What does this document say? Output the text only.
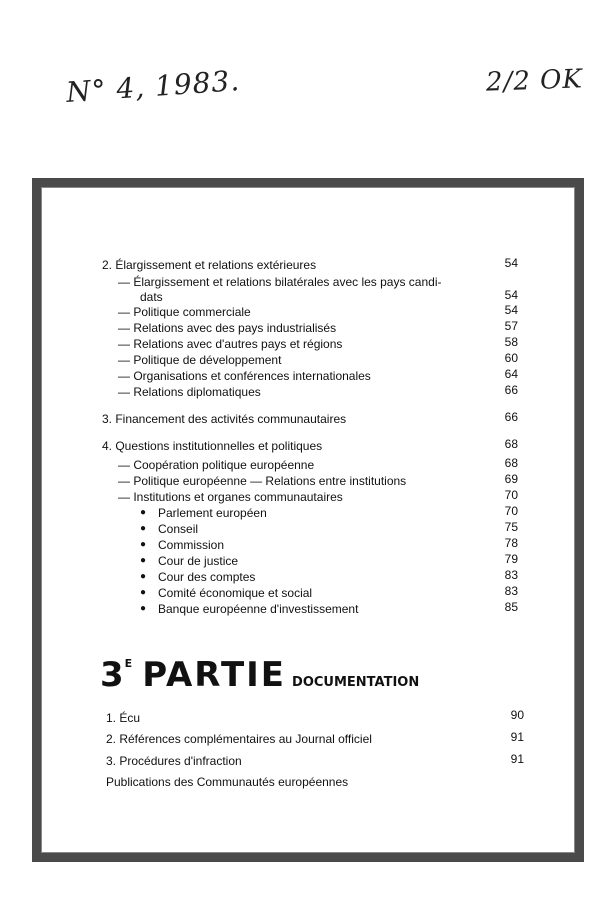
N° 4, 1983.	2/2 OK
2. Élargissement et relations extérieures	54
— Élargissement et relations bilatérales avec les pays candi-
dats	54
— Politique commerciale	54
— Relations avec des pays industrialisés	57
— Relations avec d'autres pays et régions	58
— Politique de développement	60
— Organisations et conférences internationales	64
— Relations diplomatiques	66
3. Financement des activités communautaires	66
4. Questions institutionnelles et politiques	68
— Coopération politique européenne	68
— Politique européenne — Relations entre institutions	69
— Institutions et organes communautaires	70
● Parlement européen	70
● Conseil	75
● Commission	78
● Cour de justice	79
● Cour des comptes	83
● Comité économique et social	83
● Banque européenne d'investissement	85
$3^E$ PARTIE DOCUMENTATION
1. Écu	90
2. Références complémentaires au Journal officiel	91
3. Procédures d'infraction	91
Publications des Communautés européennes
